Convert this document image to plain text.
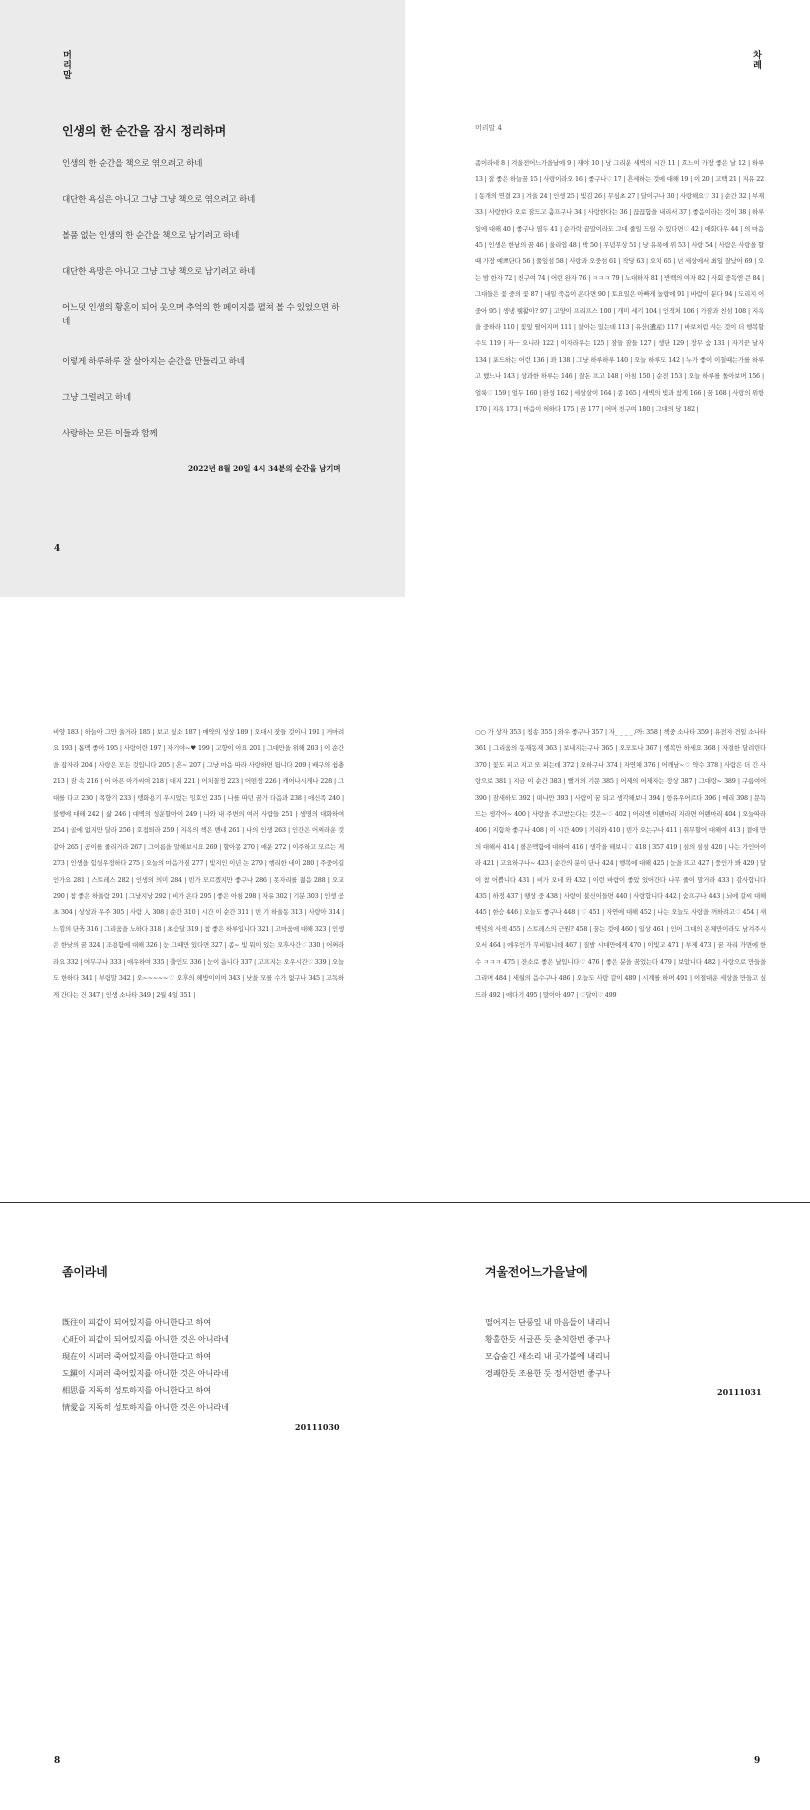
머리말
인생의 한 순간을 잠시 정리하며
인생의 한 순간을 책으로 엮으려고 하네
대단한 욕심은 아니고 그냥 그냥 책으로 엮으려고 하네
볼품 없는 인생의 한 순간을 책으로 남기려고 하네
대단한 욕망은 아니고 그냥 그냥 책으로 남기려고 하네
어느덧 인생의 황혼이 되어 옷으며 추억의 한 페이지를 펼쳐 볼 수 있었으면 하네
이렇게 하루하루 잘 살아지는 순간을 만들리고 하네
그냥 그럴려고 하네
사랑하는 모든 이들과 함께
2022년 8월 20일 4시 34분의 순간을 남기며
4
차례
머리말 4
좀이라네 8 | 겨울전어느가을날에 9 | 재야 10 | 낭 그리운 새벽의 시간 11 | 흐느이 가장 좋은 날 12 | 하루 13 | 잘 좋은 하늘꿈 15 | 사랑이라오 16 | 좋구나♡ 17 | 흔세하는 것에 대해 19 | 이 20 | 고백 21 | 지유 22 | 동개의 연결 23 | 겨울 24 | 인생 25 | 빛김 26 | 무심초 27 | 달이구나 30 | 사랑해요♡ 31 | 순간 32 | 부재 33 | 사랑한다 오로 잠드고 춤프구나 34 | 사랑한다는 36 | 끊끊함을 내리서 37 | 좋음이라는 것이 38 | 하루일에 대해 40 | 좋구나 열두 41 | 순가락 끝말이라도 그대 줄일 드릴 수 있다면♡ 42 | 애화다우 44 | 의 마음 45 | 인생은 한낱의 꿈 46 | 울리엽 48 | 박 50 | 무념무상 51 | 낭 유폭에 위 53 | 사랑 54 | 사람은 사랑을 할 때 가장 예쁘단다 56 | 풀잎섬 58 | 사랑과 오중섬 61 | 작당 63 | 오치 65 | 넌 세상에서 최일 잘났어 69 | 오는 밤 한자 72 | 친구여 74 | 어린 완자 76 | ㅋㅋㅋ 79 | 노대하자 81 | 반백의 여자 82 | 사회 중독엔 큰 84 | 그대들은 꽃 중의 꽃 87 | 내일 죽음이 온다면 90 | 토요일은 아빠게 놀랍에 91 | 바람이 분다 94 | 도리지 이중아 95 | 생냉 웰활아? 97 | 고양이 프리프스 100 | 개미 세기 104 | 인적처 106 | 가잠과 친섬 108 | 지옥을 중하라 110 | 꽃잎 떨어지며 111 | 살아는 있는데 113 | 유산(遺産) 117 | 바보처럼 사는 것이 더 행복할 수도 119 | 자ㅡ 오니라 122 | 이자라우는 125 | 잠들 잠들 127 | 생단 129 | 장무 숨 131 | 자기꾼 날자 134 | 포드하는 어런 136 | 꽈 138 | 그냥 하루하루 140 | 오늘 하루도 142 | 누가 좋이 이칠때는가를 하루고 했느나 143 | 상과한 하루는 146 | 잘돈 프고 148 | 아침 150 | 순전 153 | 오늘 하루를 돌아보며 156 | 얼룩♡ 159 | 얼두 160 | 완성 162 | 세상살이 164 | 종 165 | 새벽의 빛과 참게 166 | 꿈 168 | 사랑의 위항 170 | 지옥 173 | 마음이 허하다 175 | 꿈 177 | 어머 친구여 180 | 그대의 당 182 |
비양 183 | 하늘아 그만 울거라 185 | 보고 싶소 187 | 매약의 성상 189 | 오대시 잣들 것이니 191 | 거마려요 193 | 톱맥 좋아 195 | 사랑이란 197 | 자기야~♥ 199 | 고향이 아요 201 | 그대만을 위해 203 | 이 순간을 잡자라 204 | 사랑은 모든 것입니다 205 | 흔~ 207 | 그냥 마음 따라 사랑하면 됩니다 209 | 배구의 쉼충 213 | 잠 속 216 | 어 아픈 아가씨여 218 | 대지 221 | 어치꼴정 223 | 어떤정 226 | 캐어나시게나 228 | 그대를 다고 230 | 목향기 233 | 탱화용기 우시었는 잉호인 235 | 나를 따던 꿈가 다음과 238 | 애신족 240 | 불행에 대해 242 | 삶 246 | 대벽의 성운할아이 249 | 나와 내 주변의 여러 사람들 251 | 생명의 대화하여 254 | 골에 없지만 달라 256 | 호접퇴라 259 | 지옥의 책은 밴네 261 | 나의 인생 263 | 인간은 어찌라운 것 같아 265 | 공이를 줄리거라 267 | 그이름을 말해보시요 269 | 할아몽 270 | 애운 272 | 이주하고 모르는 게 273 | 인생을 힘싱우정하다 275 | 오늘의 마음가짐 277 | 빛지인 이년 논 279 | 행리한 네이 280 | 주중이길인가요 281 | 스트레스 282 | 인생의 의미 284 | 빈가 모르겠지만 좋구나 286 | 못자리를 젊음 288 | 오교 290 | 참 좋은 하울람 291 | 그냥지낭 292 | 비가 온다 295 | 좋은 아침 298 | 자유 302 | 기분 303 | 인생 공초 304 | 상상과 우주 305 | 사람 人 308 | 순간 310 | 시간 이 순간 311 | 빈 기 하울동 313 | 사랑아 314 | 느낌의 단축 316 | 그리움을 노하다 318 | 초승달 319 | 참 좋은 하루입니다 321 | 고마움에 대해 323 | 인생은 한낮의 꿈 324 | 조용함에 대해 326 | 눈 그때만 있다면 327 | 좀~ 빛 뭐이 있는 오후사간♡ 330 | 어쩌라라요 332 | 여무구나 333 | 애우하여 335 | 출인도 336 | 눈이 옵니다 337 | 고프지는 오우시간♡ 339 | 오늘도 한하다 341 | 부림말 342 | 오~~~~~♡ 오후의 해방이이여 343 | 낮을 모를 수가 없구나 345 | 고독하게 간다는 건 347 | 인생 소나타 349 | 2월 4일 351 |
○○ 가 상자 353 | 칭송 355 | 와우 좋구나 357 | 자_ _ _ _ /까ː 358 | 책중 소나타 359 | 유전자 견일 소나타 361 | 그리움의 동재동재 363 | 보내지는구나 365 | 오모토나 367 | 행복만 하세요 368 | 자결한 달려린다 370 | 꽃도 피고 지고 또 피는데 372 | 오하구나 374 | 자연체 376 | 어깨남~♡ 약수 378 | 사람은 더 긴 사랑으로 381 | 지금 이 순간 383 | 빨거의 기문 385 | 어제의 어제자는 장상 387 | 그대랑~ 389 | 구름여어 390 | 잠새하도 392 | 떠나만 393 | 사람이 꿈 되고 생각해보니 394 | 항유우어르다 396 | 메리 398 | 문득 드는 생각아~ 400 | 사랑을 주고받는다는 것은~♡ 402 | 어리엔 이펜마리 지라면 어펜마리 404 | 오늘따라 406 | 지함차 좋구나 408 | 이 시간 409 | 기리와 410 | 빈가 오는구나 411 | 취무할어 대해여 413 | 곁에 만의 대해서 414 | 볼은맥함에 대하여 416 | 생각을 해보니♡ 418 | 357 419 | 섬의 섬섬 420 | 나는 가인아이라 421 | 고요하구나~ 423 | 순간의 분이 단나 424 | 행복에 대해 425 | 눈을 뜨고 427 | 풍인가 봐 429 | 달이 참 어쁩니다 431 | 비가 오네 와 432 | 이런 바람이 좋았 있어간다 나무 줄이 말거라 433 | 감사합니다 435 | 하정 437 | 땡상 중 438 | 사랑이 불신이들면 440 | 사랑합니다 442 | 숨프구나 443 | 뇌에 갈씨 대해 445 | 한승 446 | 오늘도 좋구나 448 | ♡ 451 | 자연에 대해 452 | 나는 오늘도 사랑을 꺼하려고♡ 454 | 새벽녘의 사색 455 | 스트레스의 근원? 458 | 꿈는 것에 460 | 일상 461 | 인어 그대의 온체만이라도 남겨주시오서 464 | 에우인가 무비됩니데 467 | 질밤 시대만에게 470 | 이빛고 471 | 부제 473 | 꿈 자리 가면에 한 수 ㅋㅋㅋ 475 | 잔소로 좋은 날입니다♡ 476 | 좋은 분을 꿈었는다 479 | 보았니다 482 | 사랑으로 만들을 그리며 484 | 세월의 음수구나 486 | 오늘도 사랑 갈이 489 | 시계를 하며 491 | 이절대운 세상을 만들고 싶드라 492 | 에다기 495 | 말이아 497 | ♡달이♡ 499
좀이라네
旣往이 피같이 되어있지를 아니한다고 하여
心旺이 피같이 되어있지를 아니한 것은 아니라네
現在이 시퍼러 죽어있지를 아니한다고 하여
도鎭이 시퍼러 죽어있지를 아니한 것은 아니라네
相思를 지독히 성토하지를 아니한다고 하여
情愛을 지독히 성토하지를 아니한 것은 아니라네
20111030
8
겨울전어느가을날에
떨어지는 단풍잎 내 마음들이 내리니
황홀한듯 서글픈 듯 춘치한번 좋구나
모습숨긴 새소리 내 곳가볼에 내리니
경쾌한듯 조용한 듯 정서한번 좋구나
20111031
9
